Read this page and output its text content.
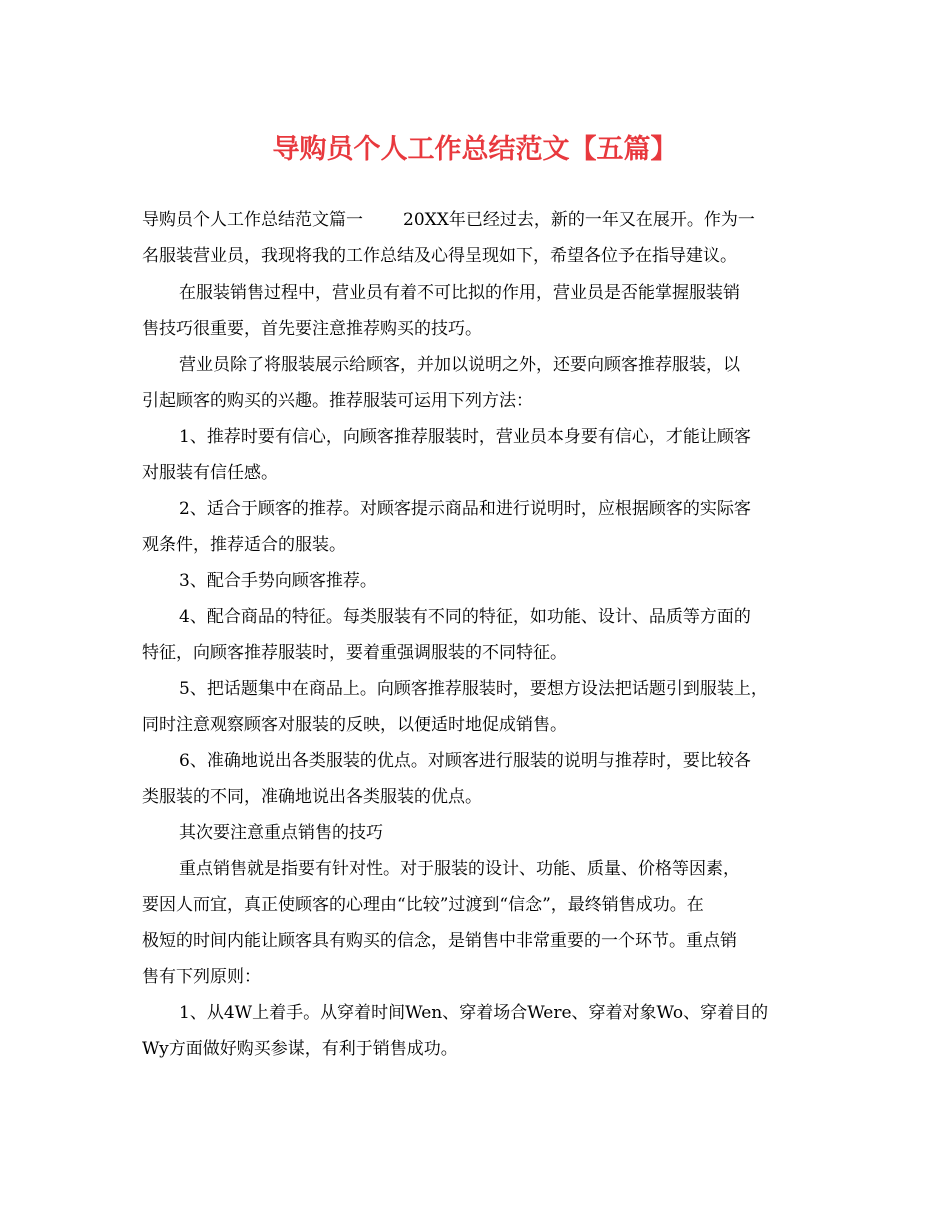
导购员个人工作总结范文【五篇】
导购员个人工作总结范文篇一 20XX年已经过去，新的一年又在展开。作为一
名服装营业员，我现将我的工作总结及心得呈现如下，希望各位予在指导建议。
在服装销售过程中，营业员有着不可比拟的作用，营业员是否能掌握服装销
售技巧很重要，首先要注意推荐购买的技巧。
营业员除了将服装展示给顾客，并加以说明之外，还要向顾客推荐服装，以
引起顾客的购买的兴趣。推荐服装可运用下列方法：
1、推荐时要有信心，向顾客推荐服装时，营业员本身要有信心，才能让顾客
对服装有信任感。
2、适合于顾客的推荐。对顾客提示商品和进行说明时，应根据顾客的实际客
观条件，推荐适合的服装。
3、配合手势向顾客推荐。
4、配合商品的特征。每类服装有不同的特征，如功能、设计、品质等方面的
特征，向顾客推荐服装时，要着重强调服装的不同特征。
5、把话题集中在商品上。向顾客推荐服装时，要想方设法把话题引到服装上，
同时注意观察顾客对服装的反映，以便适时地促成销售。
6、准确地说出各类服装的优点。对顾客进行服装的说明与推荐时，要比较各
类服装的不同，准确地说出各类服装的优点。
其次要注意重点销售的技巧
重点销售就是指要有针对性。对于服装的设计、功能、质量、价格等因素，
要因人而宜，真正使顾客的心理由“比较”过渡到“信念”，最终销售成功。在
极短的时间内能让顾客具有购买的信念，是销售中非常重要的一个环节。重点销
售有下列原则：
1、从4W上着手。从穿着时间Wen、穿着场合Were、穿着对象Wo、穿着目的
Wy方面做好购买参谋，有利于销售成功。
